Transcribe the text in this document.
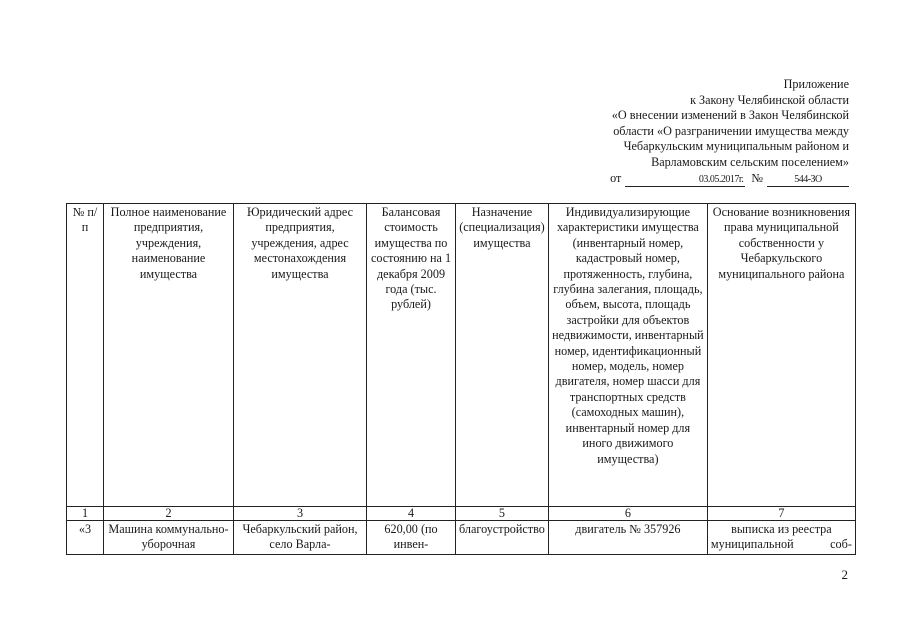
Приложение
к Закону Челябинской области
«О внесении изменений в Закон Челябинской
области «О разграничении имущества между
Чебаркульским муниципальным районом и
Варламовским сельским поселением»
от	03.05.2017г. №	544-ЗО
№ п/п	Полное наименование предприятия, учреждения, наименование имущества	Юридический адрес предприятия, учреждения, адрес местонахождения имущества	Балансовая стоимость имущества по состоянию на 1 декабря 2009 года (тыс. рублей)	Назначение (специализация) имущества	Индивидуализирующие характеристики имущества (инвентарный номер, кадастровый номер, протяженность, глубина, глубина залегания, площадь, объем, высота, площадь застройки для объектов недвижимости, инвентарный номер, идентификационный номер, модель, номер двигателя, номер шасси для транспортных средств (самоходных машин), инвентарный номер для иного движимого имущества)	Основание возникновения права муниципальной собственности у Чебаркульского муниципального района
1	2	3	4	5	6	7
«3	Машина коммунально-уборочная	Чебаркульский район, село Варла-	620,00 (по инвен-	благоустройство	двигатель № 357926	выписка из реестра муниципальной соб-
2
